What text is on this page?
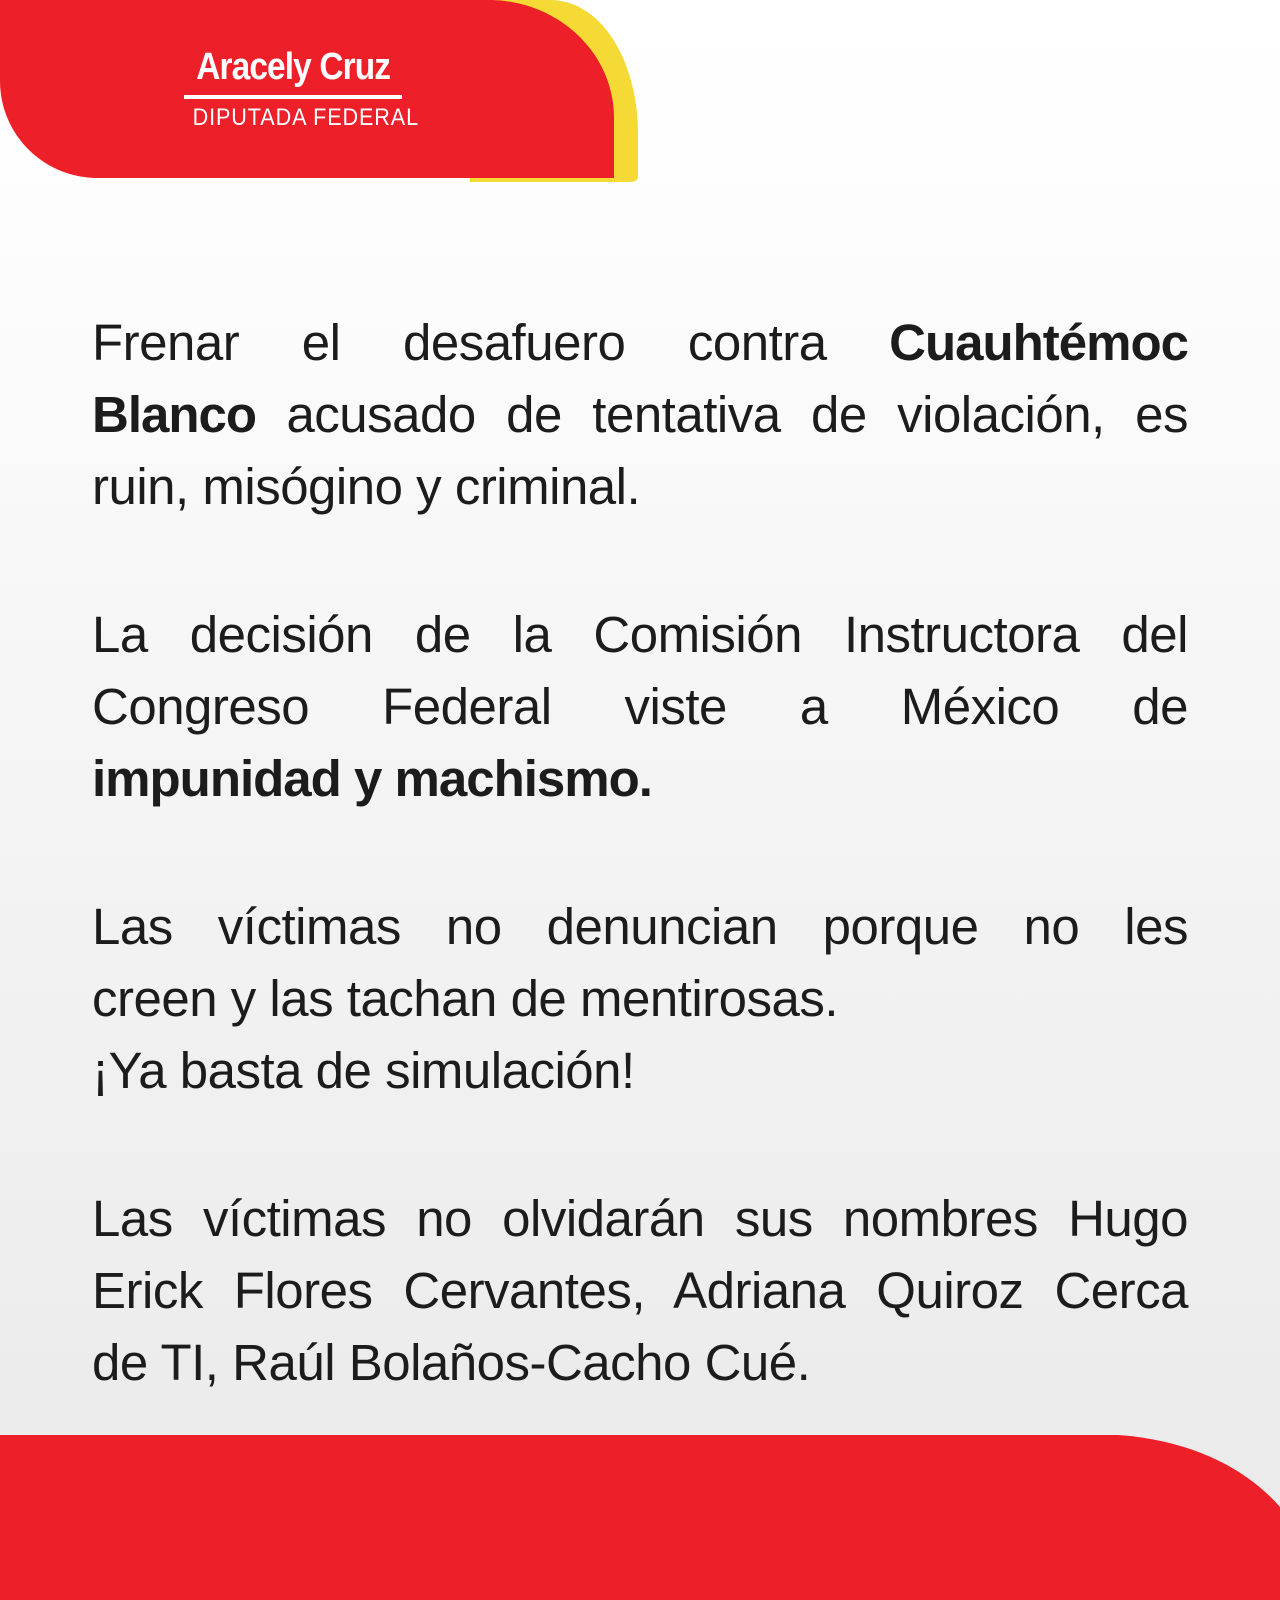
Aracely Cruz
DIPUTADA FEDERAL

Frenar el desafuero contra Cuauhtémoc
Blanco acusado de tentativa de violación, es
ruin, misógino y criminal.

La decisión de la Comisión Instructora del
Congreso Federal viste a México de
impunidad y machismo.

Las víctimas no denuncian porque no les
creen y las tachan de mentirosas.
¡Ya basta de simulación!

Las víctimas no olvidarán sus nombres Hugo
Erick Flores Cervantes, Adriana Quiroz Cerca
de TI, Raúl Bolaños-Cacho Cué.
